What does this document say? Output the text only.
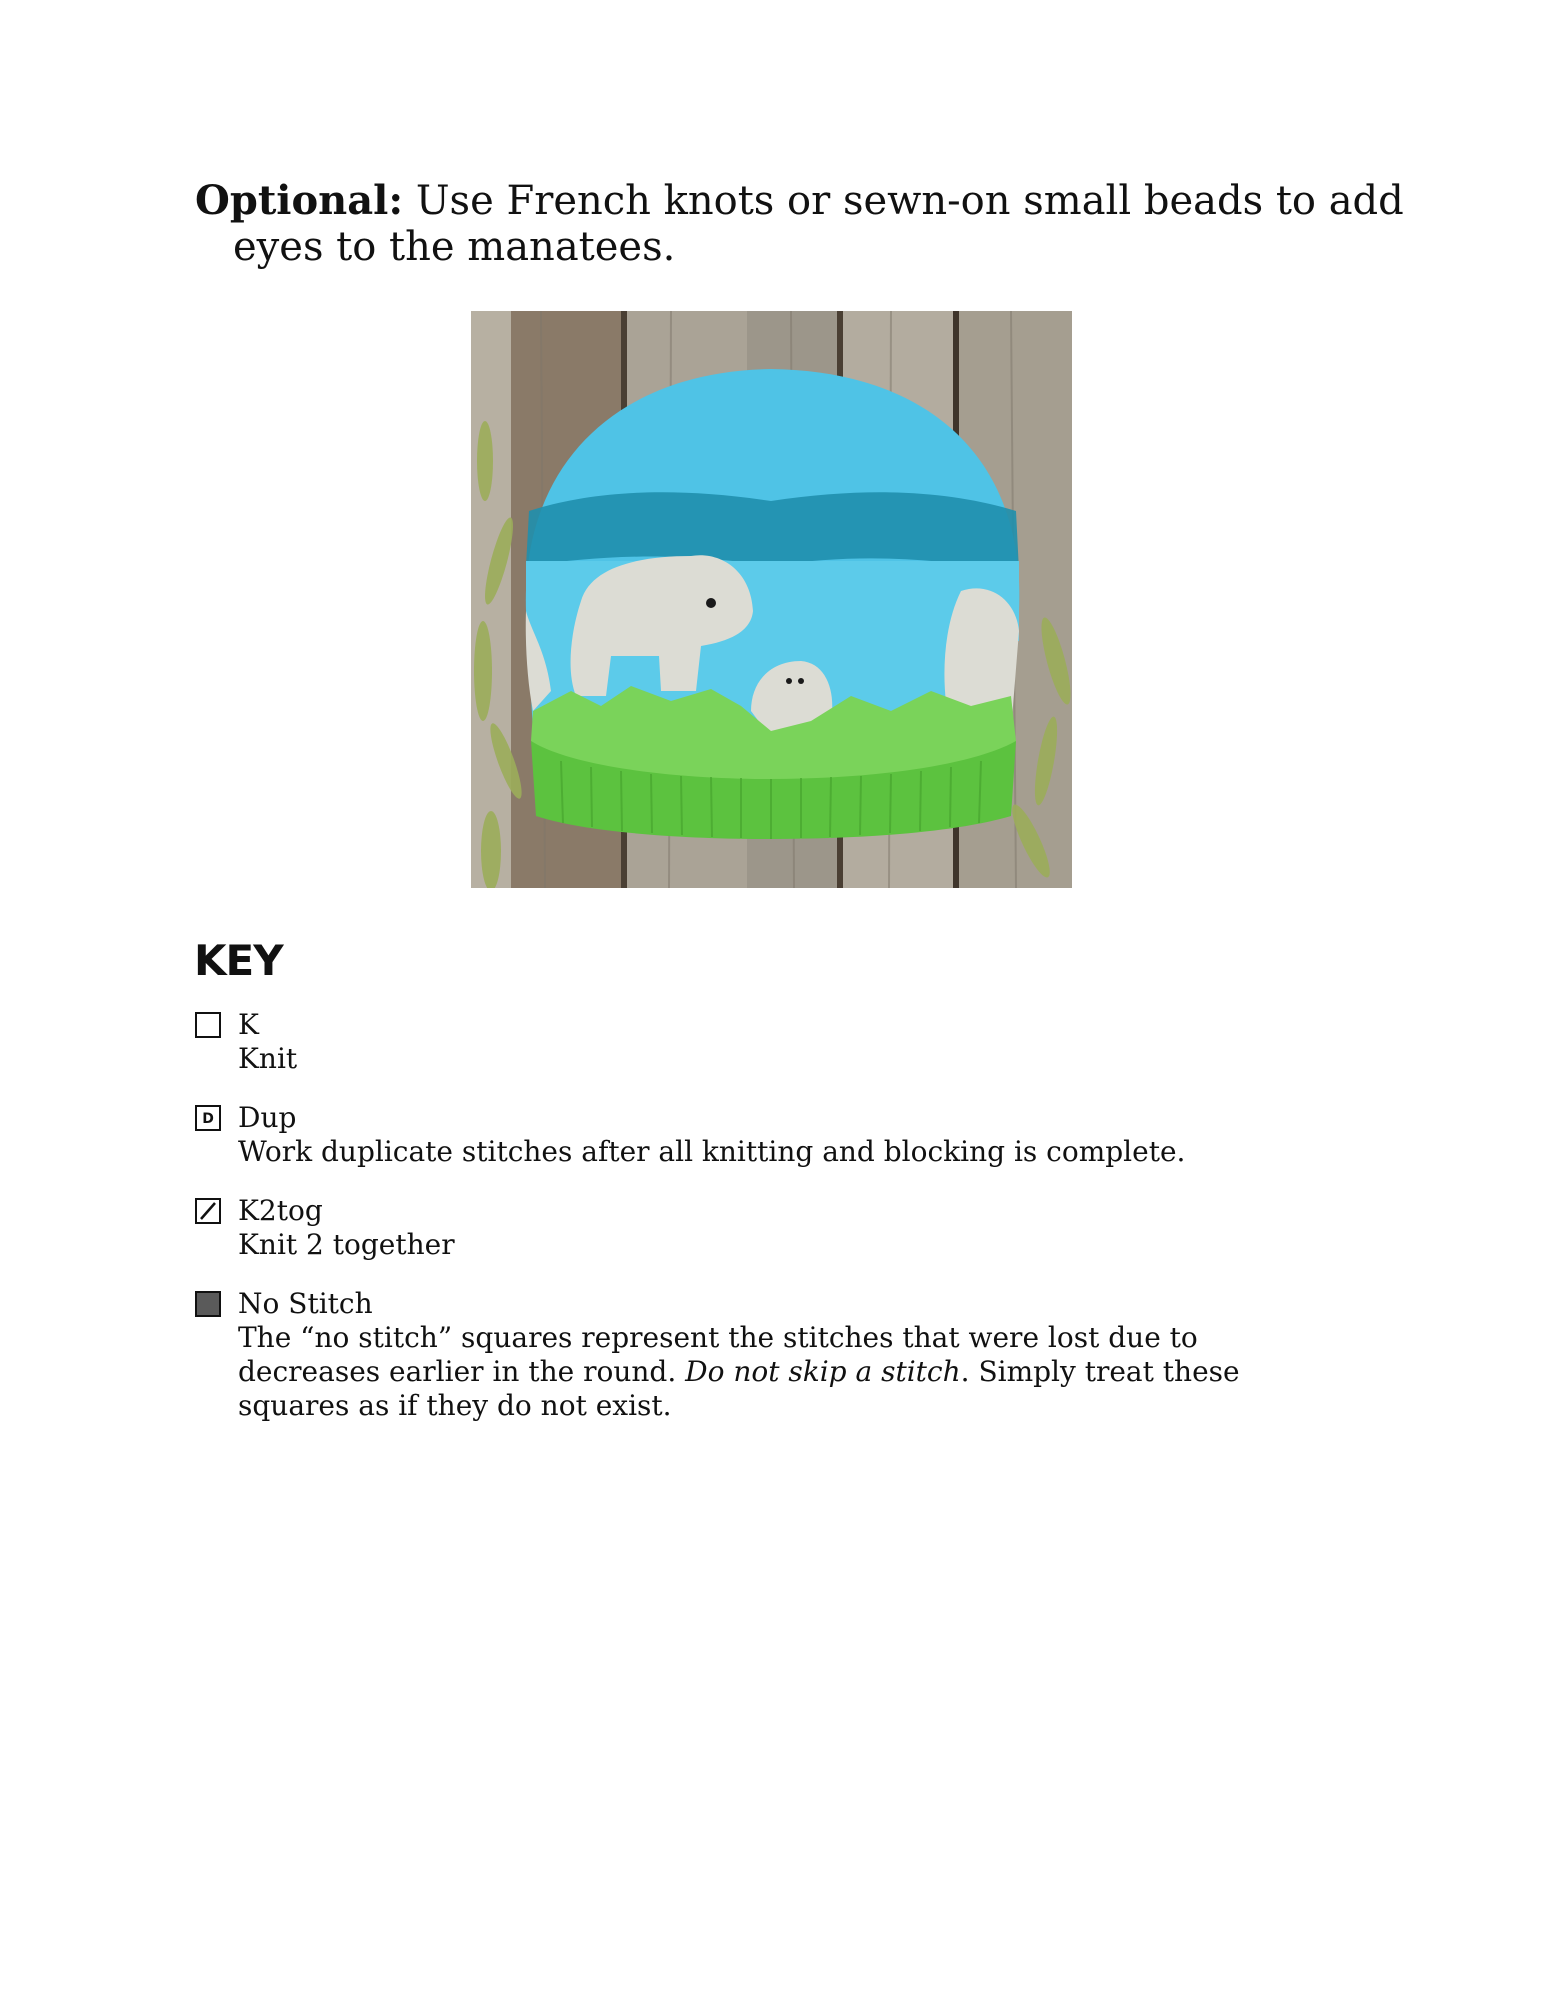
Optional: Use French knots or sewn-on small beads to add eyes to the manatees.

KEY
K
Knit
D Dup
Work duplicate stitches after all knitting and blocking is complete.
K2tog
Knit 2 together
No Stitch
The “no stitch” squares represent the stitches that were lost due to decreases earlier in the round. Do not skip a stitch. Simply treat these squares as if they do not exist.
